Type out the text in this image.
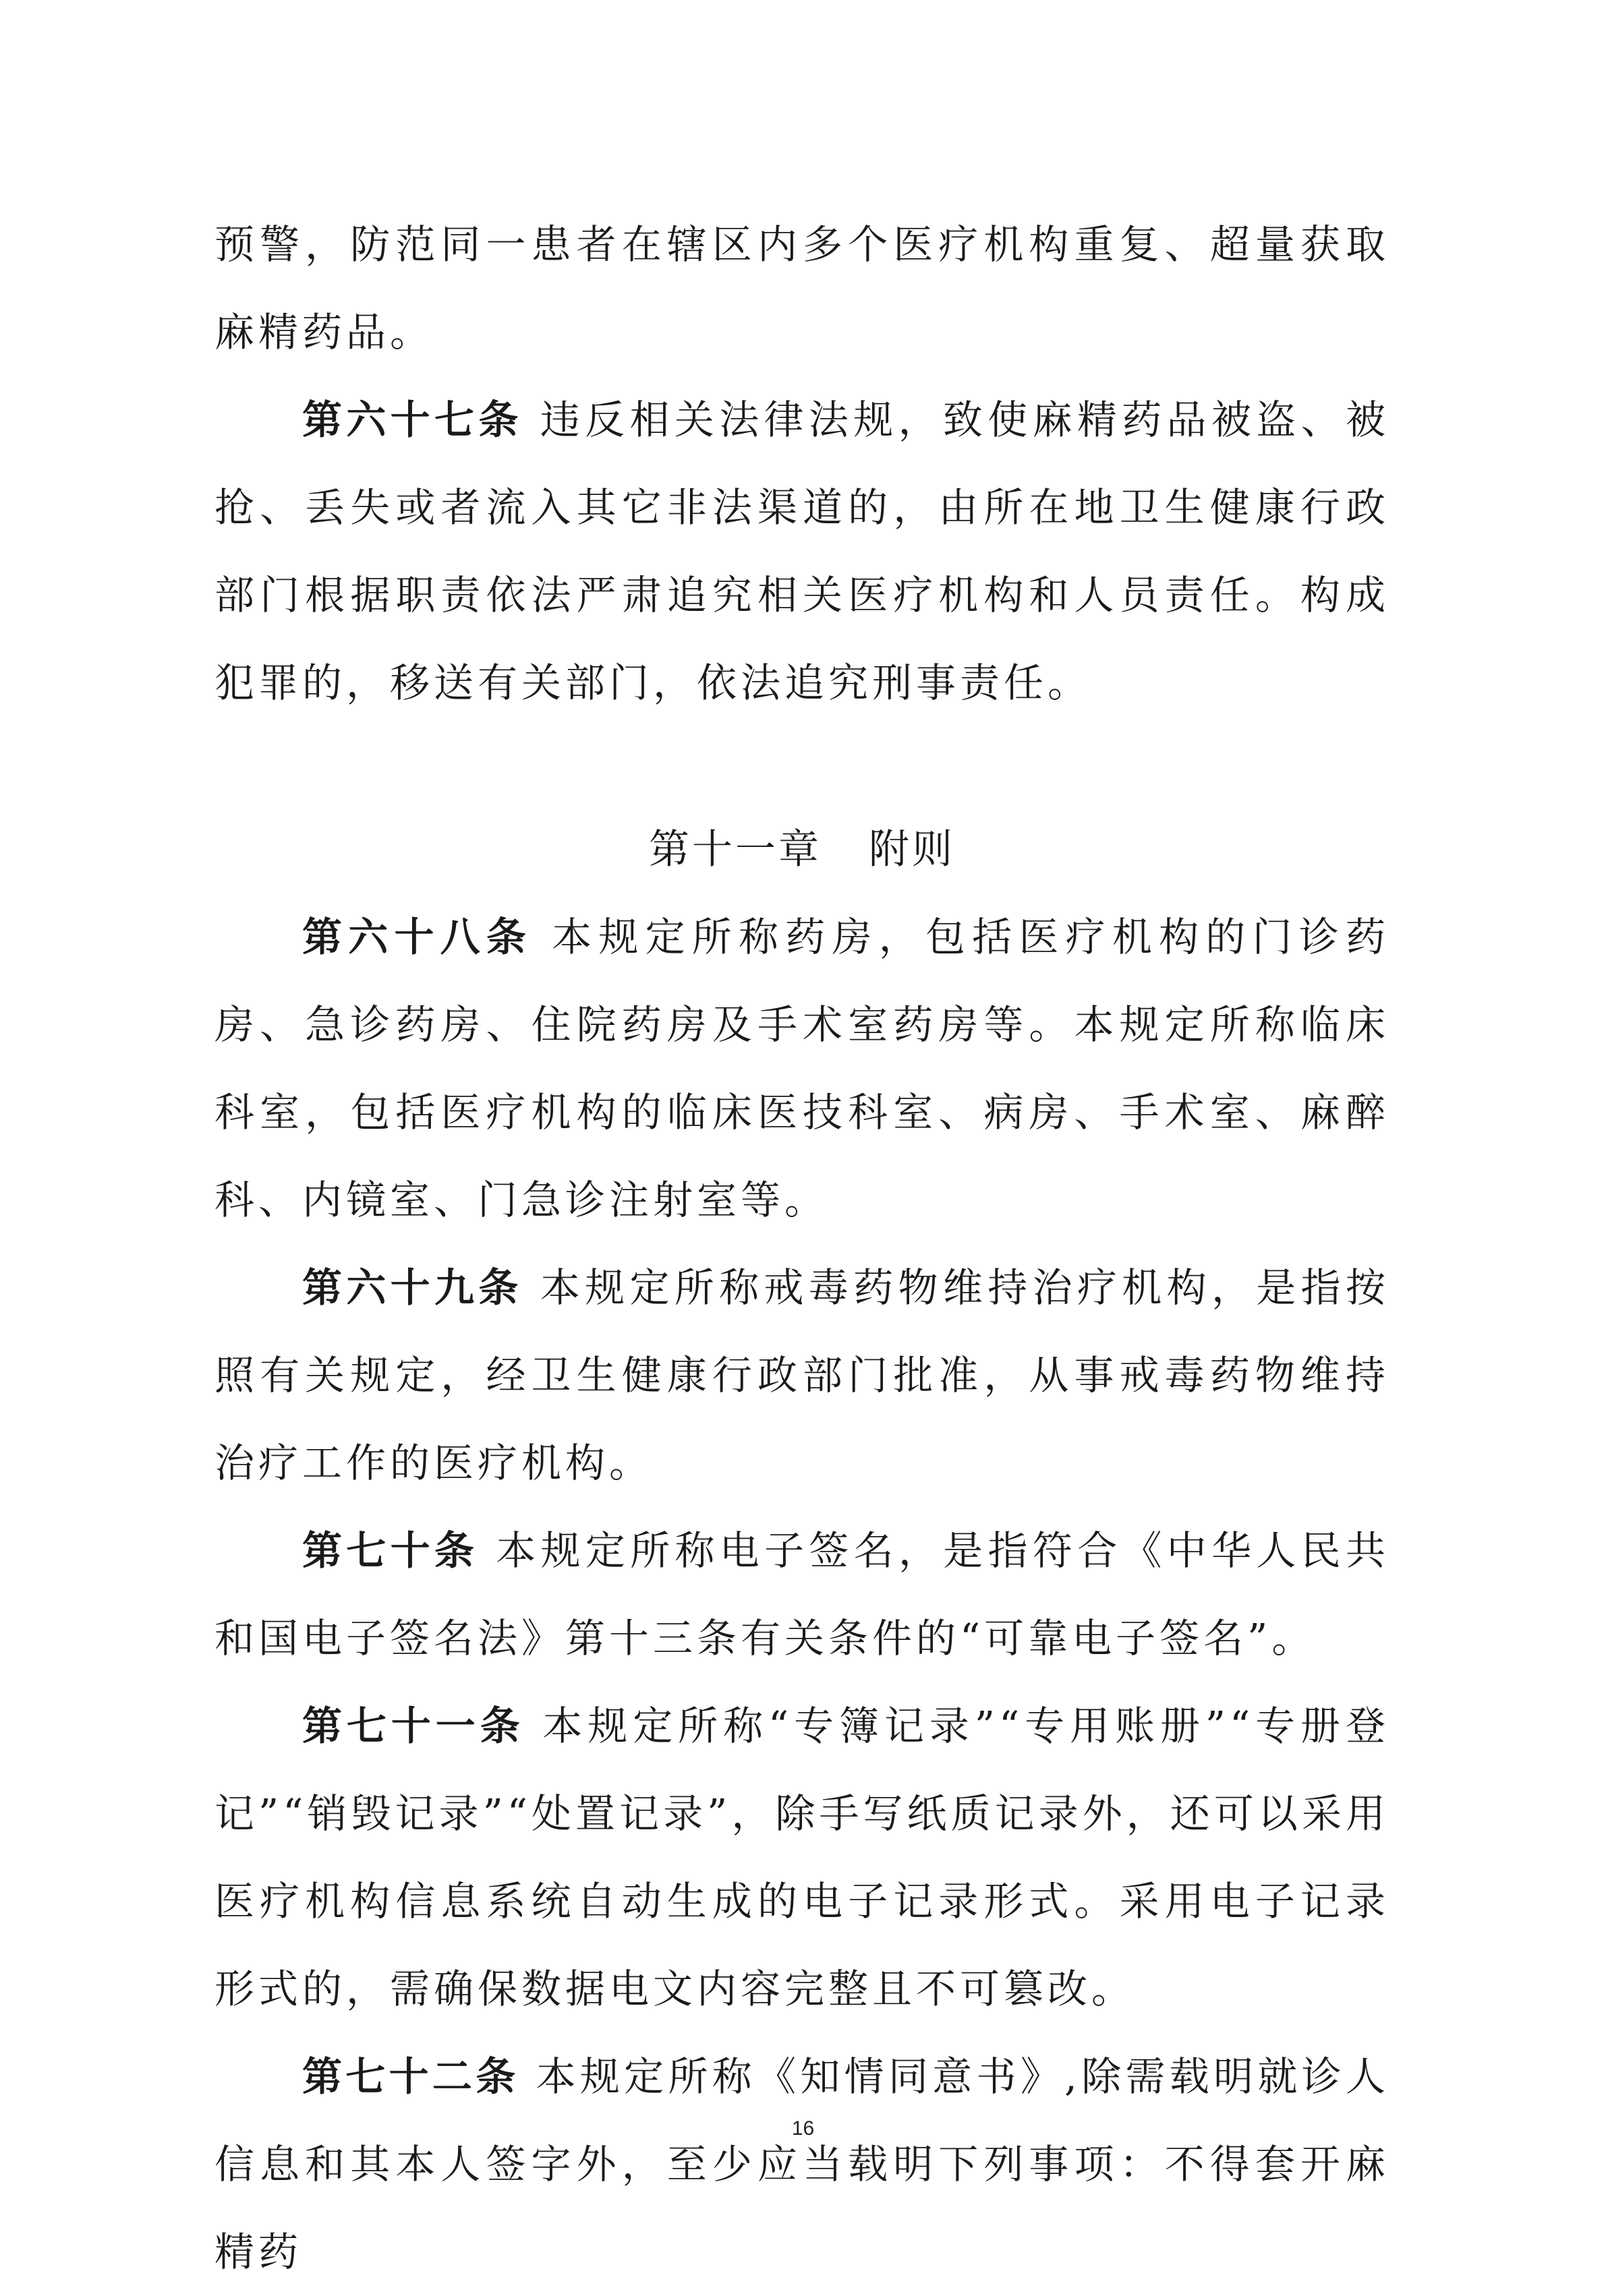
预警，防范同一患者在辖区内多个医疗机构重复、超量获取麻精药品。

第六十七条 违反相关法律法规，致使麻精药品被盗、被抢、丢失或者流入其它非法渠道的，由所在地卫生健康行政部门根据职责依法严肃追究相关医疗机构和人员责任。构成犯罪的，移送有关部门，依法追究刑事责任。

第十一章 附则

第六十八条 本规定所称药房，包括医疗机构的门诊药房、急诊药房、住院药房及手术室药房等。本规定所称临床科室，包括医疗机构的临床医技科室、病房、手术室、麻醉科、内镜室、门急诊注射室等。

第六十九条 本规定所称戒毒药物维持治疗机构，是指按照有关规定，经卫生健康行政部门批准，从事戒毒药物维持治疗工作的医疗机构。

第七十条 本规定所称电子签名，是指符合《中华人民共和国电子签名法》第十三条有关条件的“可靠电子签名”。

第七十一条 本规定所称“专簿记录”“专用账册”“专册登记”“销毁记录”“处置记录”，除手写纸质记录外，还可以采用医疗机构信息系统自动生成的电子记录形式。采用电子记录形式的，需确保数据电文内容完整且不可篡改。

第七十二条 本规定所称《知情同意书》,除需载明就诊人信息和其本人签字外，至少应当载明下列事项：不得套开麻精药

16
